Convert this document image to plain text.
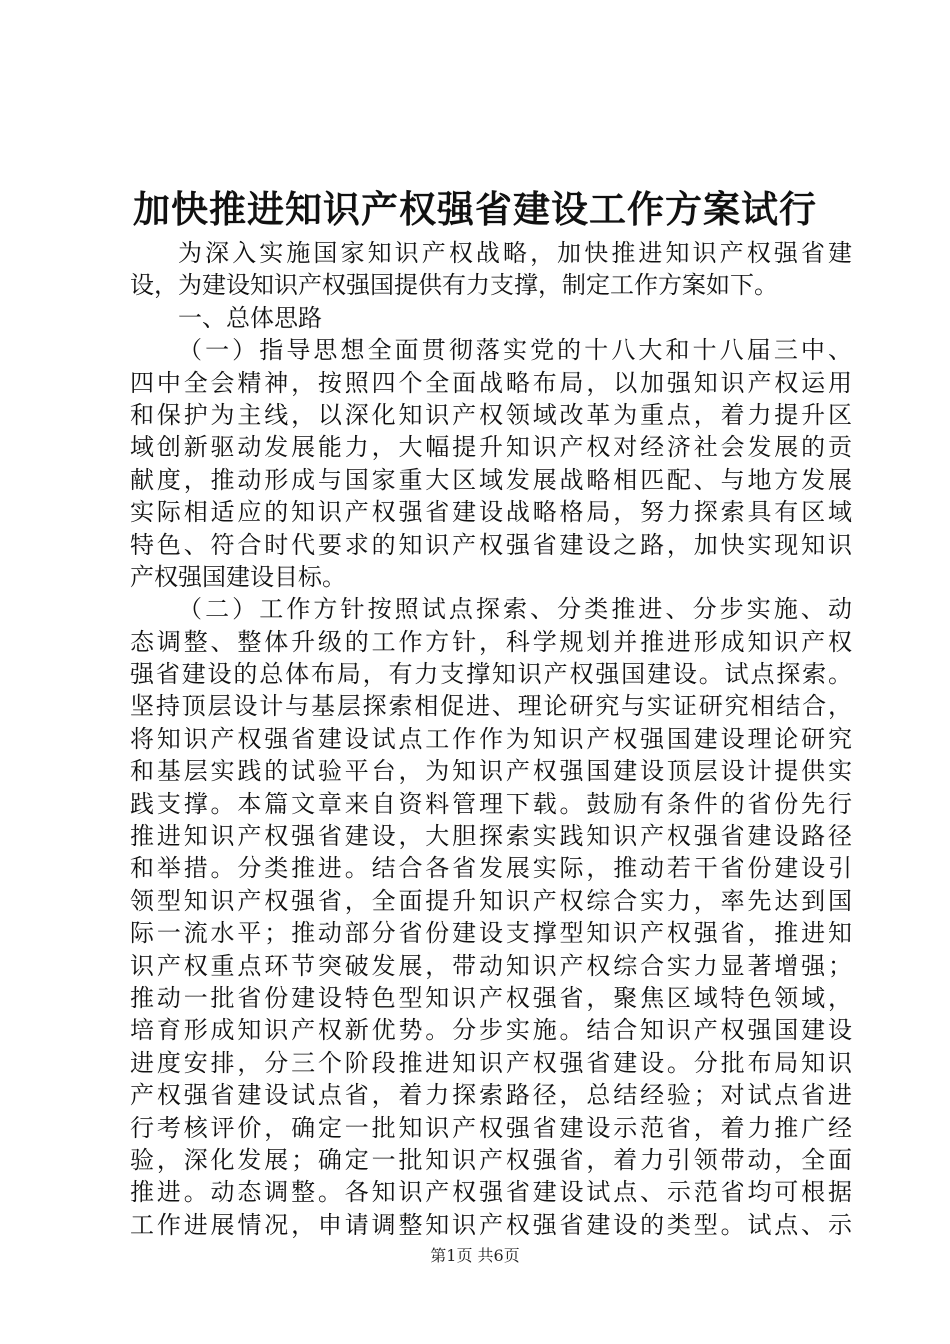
加快推进知识产权强省建设工作方案试行
为深入实施国家知识产权战略，加快推进知识产权强省建
设，为建设知识产权强国提供有力支撑，制定工作方案如下。
一、总体思路
（一）指导思想全面贯彻落实党的十八大和十八届三中、
四中全会精神，按照四个全面战略布局，以加强知识产权运用
和保护为主线，以深化知识产权领域改革为重点，着力提升区
域创新驱动发展能力，大幅提升知识产权对经济社会发展的贡
献度，推动形成与国家重大区域发展战略相匹配、与地方发展
实际相适应的知识产权强省建设战略格局，努力探索具有区域
特色、符合时代要求的知识产权强省建设之路，加快实现知识
产权强国建设目标。
（二）工作方针按照试点探索、分类推进、分步实施、动
态调整、整体升级的工作方针，科学规划并推进形成知识产权
强省建设的总体布局，有力支撑知识产权强国建设。试点探索。
坚持顶层设计与基层探索相促进、理论研究与实证研究相结合，
将知识产权强省建设试点工作作为知识产权强国建设理论研究
和基层实践的试验平台，为知识产权强国建设顶层设计提供实
践支撑。本篇文章来自资料管理下载。鼓励有条件的省份先行
推进知识产权强省建设，大胆探索实践知识产权强省建设路径
和举措。分类推进。结合各省发展实际，推动若干省份建设引
领型知识产权强省，全面提升知识产权综合实力，率先达到国
际一流水平；推动部分省份建设支撑型知识产权强省，推进知
识产权重点环节突破发展，带动知识产权综合实力显著增强；
推动一批省份建设特色型知识产权强省，聚焦区域特色领域，
培育形成知识产权新优势。分步实施。结合知识产权强国建设
进度安排，分三个阶段推进知识产权强省建设。分批布局知识
产权强省建设试点省，着力探索路径，总结经验；对试点省进
行考核评价，确定一批知识产权强省建设示范省，着力推广经
验，深化发展；确定一批知识产权强省，着力引领带动，全面
推进。动态调整。各知识产权强省建设试点、示范省均可根据
工作进展情况，申请调整知识产权强省建设的类型。试点、示
第1页 共6页
